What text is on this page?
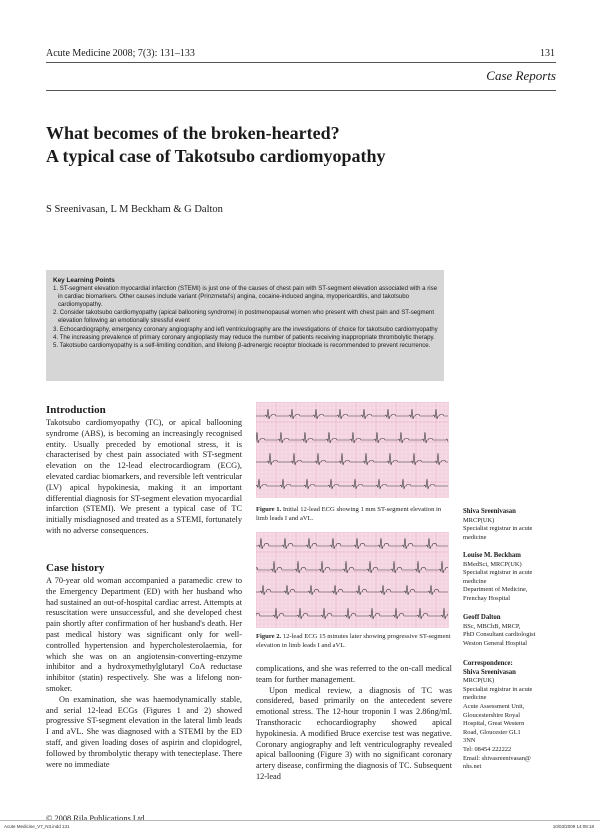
Acute Medicine 2008; 7(3): 131–133	131
Case Reports
What becomes of the broken-hearted?
A typical case of Takotsubo cardiomyopathy
S Sreenivasan, L M Beckham & G Dalton
Key Learning Points
1. ST-segment elevation myocardial infarction (STEMI) is just one of the causes of chest pain with ST-segment elevation associated with a rise in cardiac biomarkers. Other causes include variant (Prinzmetal's) angina, cocaine-induced angina, myopericarditis, and takotsubo cardiomyopathy.
2. Consider takotsubo cardiomyopathy (apical ballooning syndrome) in postmenopausal women who present with chest pain and ST-segment elevation following an emotionally stressful event
3. Echocardiography, emergency coronary angiography and left ventriculography are the investigations of choice for takotsubo cardiomyopathy
4. The increasing prevalence of primary coronary angioplasty may reduce the number of patients receiving inappropriate thrombolytic therapy.
5. Takotsubo cardiomyopathy is a self-limiting condition, and lifelong β-adrenergic receptor blockade is recommended to prevent recurrence.
Introduction

Takotsubo cardiomyopathy (TC), or apical ballooning syndrome (ABS), is becoming an increasingly recognised entity. Usually preceded by emotional stress, it is characterised by chest pain associated with ST-segment elevation on the 12-lead electrocardiogram (ECG), elevated cardiac biomarkers, and reversible left ventricular (LV) apical hypokinesia, making it an important differential diagnosis for ST-segment elevation myocardial infarction (STEMI). We present a typical case of TC initially misdiagnosed and treated as a STEMI, fortunately with no adverse consequences.

Case history

A 70-year old woman accompanied a paramedic crew to the Emergency Department (ED) with her husband who had sustained an out-of-hospital cardiac arrest. Attempts at resuscitation were unsuccessful, and she developed chest pain shortly after confirmation of her husband's death. Her past medical history was significant only for well-controlled hypertension and hypercholesterolaemia, for which she was on an angiotensin-converting-enzyme inhibitor and a hydroxymethylglutaryl CoA reductase inhibitor (statin) respectively. She was a lifelong non-smoker.

On examination, she was haemodynamically stable, and serial 12-lead ECGs (Figures 1 and 2) showed progressive ST-segment elevation in the lateral limb leads I and aVL. She was diagnosed with a STEMI by the ED staff, and given loading doses of aspirin and clopidogrel, followed by thrombolytic therapy with tenecteplase. There were no immediate

© 2008 Rila Publications Ltd.
Figure 1. Initial 12-lead ECG showing 1 mm ST-segment elevation in limb leads I and aVL.
Figure 2. 12-lead ECG 15 minutes later showing progressive ST-segment elevation in limb leads I and aVL.

complications, and she was referred to the on-call medical team for further management.

Upon medical review, a diagnosis of TC was considered, based primarily on the antecedent severe emotional stress. The 12-hour troponin I was 2.86ng/ml. Transthoracic echocardiography showed apical hypokinesia. A modified Bruce exercise test was negative. Coronary angiography and left ventriculography revealed apical ballooning (Figure 3) with no significant coronary artery disease, confirming the diagnosis of TC. Subsequent 12-lead

Shiva Sreenivasan
MRCP(UK)
Specialist registrar in acute
medicine
Louise M. Beckham
BMedSci, MRCP(UK)
Specialist registrar in acute
medicine
Department of Medicine,
Frenchay Hospital
Geoff Dalton
BSc, MBChB, MRCP,
PhD Consultant cardiologist
Weston General Hospital
Correspondence:
Shiva Sreenivasan
MRCP(UK)
Specialist registrar in acute
medicine
Acute Assessment Unit,
Gloucestershire Royal
Hospital, Great Western
Road, Gloucester GL1
3NN
Tel: 08454 222222
Email: shivasreenivasan@
nhs.net
Acute Medicine_V7_N3.indd 131	10/03/2009 14:08:18
